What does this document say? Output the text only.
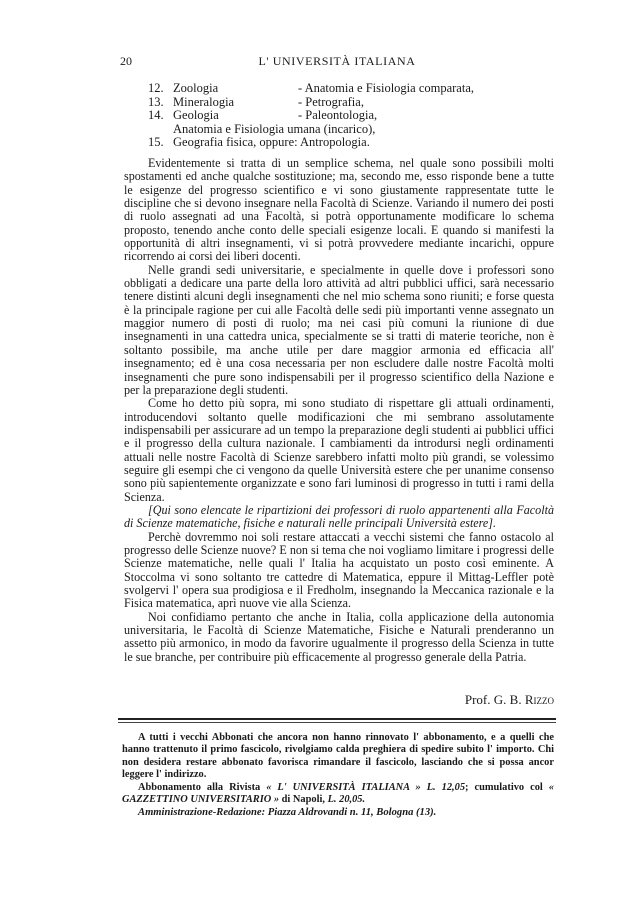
20	L' UNIVERSITÀ ITALIANA
12. Zoologia	- Anatomia e Fisiologia comparata,
13. Mineralogia	- Petrografia,
14. Geologia	- Paleontologia,
Anatomia e Fisiologia umana (incarico),
15. Geografia fisica, oppure: Antropologia.

Evidentemente si tratta di un semplice schema, nel quale sono possibili molti spostamenti ed anche qualche sostituzione; ma, secondo me, esso risponde bene a tutte le esigenze del progresso scientifico e vi sono giustamente rappresentate tutte le discipline che si devono insegnare nella Facoltà di Scienze. Variando il numero dei posti di ruolo assegnati ad una Facoltà, si potrà opportunamente modificare lo schema proposto, tenendo anche conto delle speciali esigenze locali. E quando si manifesti la opportunità di altri insegnamenti, vi si potrà provvedere mediante incarichi, oppure ricorrendo ai corsi dei liberi docenti.

Nelle grandi sedi universitarie, e specialmente in quelle dove i professori sono obbligati a dedicare una parte della loro attività ad altri pubblici uffici, sarà necessario tenere distinti alcuni degli insegnamenti che nel mio schema sono riuniti; e forse questa è la principale ragione per cui alle Facoltà delle sedi più importanti venne assegnato un maggior numero di posti di ruolo; ma nei casi più comuni la riunione di due insegnamenti in una cattedra unica, specialmente se si tratti di materie teoriche, non è soltanto possibile, ma anche utile per dare maggior armonia ed efficacia all' insegnamento; ed è una cosa necessaria per non escludere dalle nostre Facoltà molti insegnamenti che pure sono indispensabili per il progresso scientifico della Nazione e per la preparazione degli studenti.

Come ho detto più sopra, mi sono studiato di rispettare gli attuali ordinamenti, introducendovi soltanto quelle modificazioni che mi sembrano assolutamente indispensabili per assicurare ad un tempo la preparazione degli studenti ai pubblici uffici e il progresso della cultura nazionale. I cambiamenti da introdursi negli ordinamenti attuali nelle nostre Facoltà di Scienze sarebbero infatti molto più grandi, se volessimo seguire gli esempi che ci vengono da quelle Università estere che per unanime consenso sono più sapientemente organizzate e sono fari luminosi di progresso in tutti i rami della Scienza.

[Qui sono elencate le ripartizioni dei professori di ruolo appartenenti alla Facoltà di Scienze matematiche, fisiche e naturali nelle principali Università estere].

Perchè dovremmo noi soli restare attaccati a vecchi sistemi che fanno ostacolo al progresso delle Scienze nuove? E non si tema che noi vogliamo limitare i progressi delle Scienze matematiche, nelle quali l' Italia ha acquistato un posto così eminente. A Stoccolma vi sono soltanto tre cattedre di Matematica, eppure il Mittag-Leffler potè svolgervi l' opera sua prodigiosa e il Fredholm, insegnando la Meccanica razionale e la Fisica matematica, aprì nuove vie alla Scienza.

Noi confidiamo pertanto che anche in Italia, colla applicazione della autonomia universitaria, le Facoltà di Scienze Matematiche, Fisiche e Naturali prenderanno un assetto più armonico, in modo da favorire ugualmente il progresso della Scienza in tutte le sue branche, per contribuire più efficacemente al progresso generale della Patria.

Prof. G. B. Rizzo

A tutti i vecchi Abbonati che ancora non hanno rinnovato l' abbonamento, e a quelli che hanno trattenuto il primo fascicolo, rivolgiamo calda preghiera di spedire subito l' importo. Chi non desidera restare abbonato favorisca rimandare il fascicolo, lasciando che si possa ancor leggere l' indirizzo.

Abbonamento alla Rivista « L' UNIVERSITÀ ITALIANA » L. 12,05; cumulativo col « GAZZETTINO UNIVERSITARIO » di Napoli, L. 20,05.

Amministrazione-Redazione: Piazza Aldrovandi n. 11, Bologna (13).
